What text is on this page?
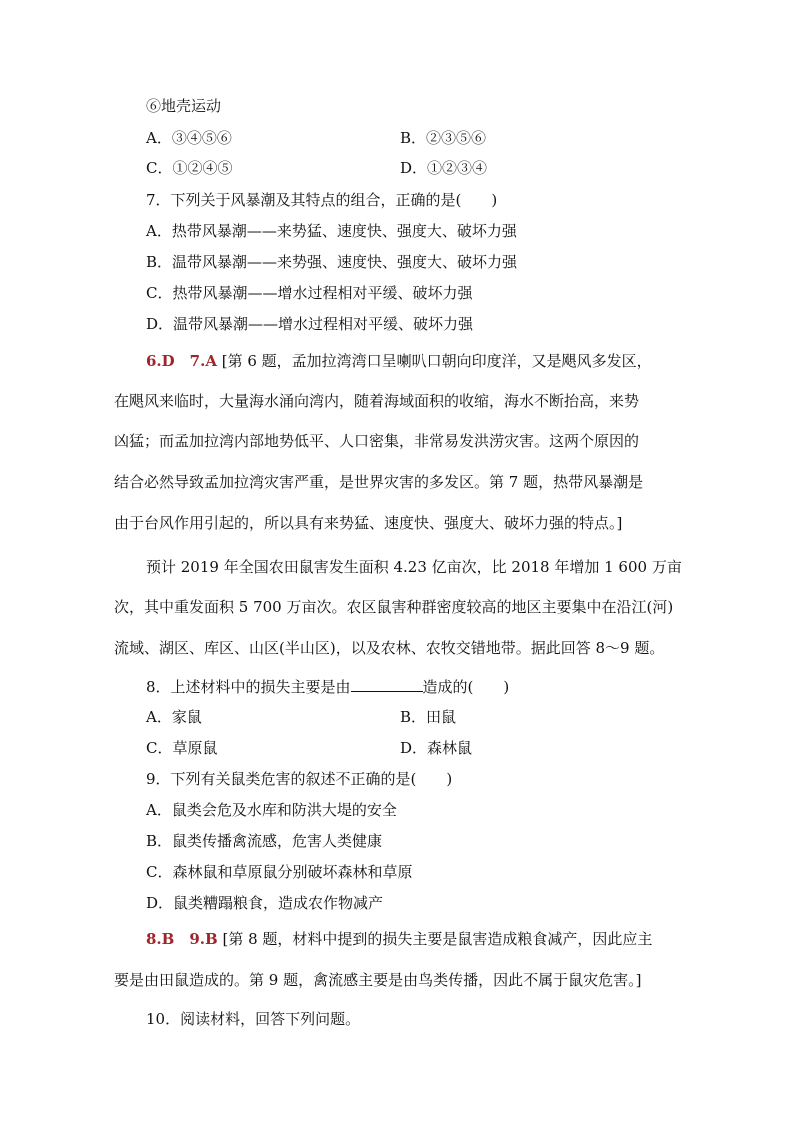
⑥地壳运动
A．③④⑤⑥	B．②③⑤⑥
C．①②④⑤	D．①②③④
7．下列关于风暴潮及其特点的组合，正确的是(　　)
A．热带风暴潮——来势猛、速度快、强度大、破坏力强
B．温带风暴潮——来势强、速度快、强度大、破坏力强
C．热带风暴潮——增水过程相对平缓、破坏力强
D．温带风暴潮——增水过程相对平缓、破坏力强
6.D　7.A [第 6 题，孟加拉湾湾口呈喇叭口朝向印度洋，又是飓风多发区，
在飓风来临时，大量海水涌向湾内，随着海域面积的收缩，海水不断抬高，来势
凶猛；而孟加拉湾内部地势低平、人口密集，非常易发洪涝灾害。这两个原因的
结合必然导致孟加拉湾灾害严重，是世界灾害的多发区。第 7 题，热带风暴潮是
由于台风作用引起的，所以具有来势猛、速度快、强度大、破坏力强的特点。]
预计 2019 年全国农田鼠害发生面积 4.23 亿亩次，比 2018 年增加 1 600 万亩
次，其中重发面积 5 700 万亩次。农区鼠害种群密度较高的地区主要集中在沿江(河)
流域、湖区、库区、山区(半山区)，以及农林、农牧交错地带。据此回答 8～9 题。
8．上述材料中的损失主要是由	造成的(　　)
A．家鼠	B．田鼠
C．草原鼠	D．森林鼠
9．下列有关鼠类危害的叙述不正确的是(　　)
A．鼠类会危及水库和防洪大堤的安全
B．鼠类传播禽流感，危害人类健康
C．森林鼠和草原鼠分别破坏森林和草原
D．鼠类糟蹋粮食，造成农作物减产
8.B　9.B [第 8 题，材料中提到的损失主要是鼠害造成粮食减产，因此应主
要是由田鼠造成的。第 9 题，禽流感主要是由鸟类传播，因此不属于鼠灾危害。]
10．阅读材料，回答下列问题。
